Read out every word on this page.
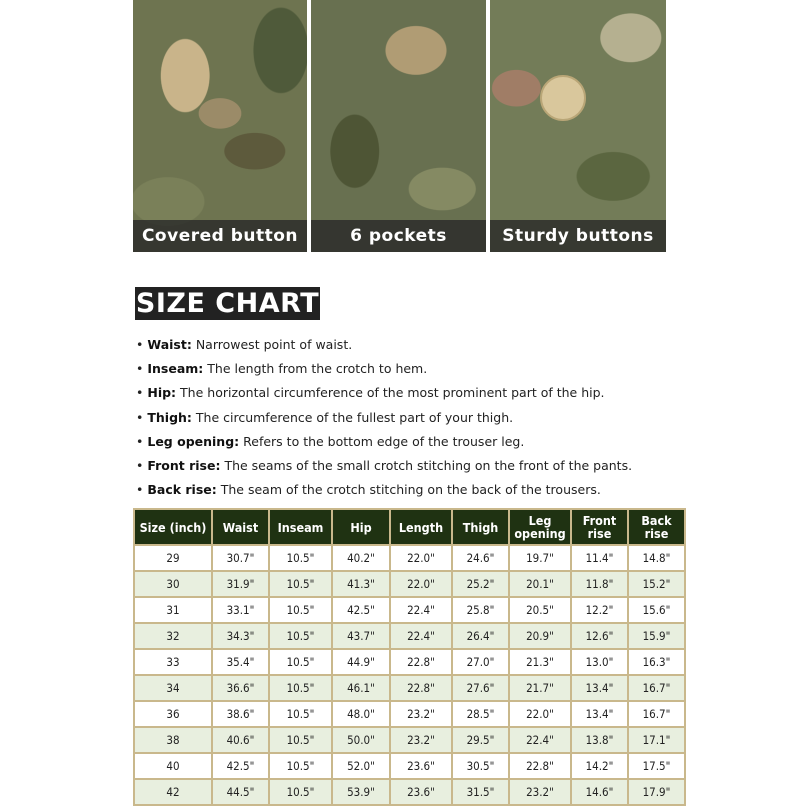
Covered button	6 pockets	Sturdy buttons
SIZE CHART
• Waist: Narrowest point of waist.
• Inseam: The length from the crotch to hem.
• Hip: The horizontal circumference of the most prominent part of the hip.
• Thigh: The circumference of the fullest part of your thigh.
• Leg opening: Refers to the bottom edge of the trouser leg.
• Front rise: The seams of the small crotch stitching on the front of the pants.
• Back rise: The seam of the crotch stitching on the back of the trousers.
Size (inch)	Waist	Inseam	Hip	Length	Thigh	Leg opening	Front rise	Back rise
29	30.7"	10.5"	40.2"	22.0"	24.6"	19.7"	11.4"	14.8"
30	31.9"	10.5"	41.3"	22.0"	25.2"	20.1"	11.8"	15.2"
31	33.1"	10.5"	42.5"	22.4"	25.8"	20.5"	12.2"	15.6"
32	34.3"	10.5"	43.7"	22.4"	26.4"	20.9"	12.6"	15.9"
33	35.4"	10.5"	44.9"	22.8"	27.0"	21.3"	13.0"	16.3"
34	36.6"	10.5"	46.1"	22.8"	27.6"	21.7"	13.4"	16.7"
36	38.6"	10.5"	48.0"	23.2"	28.5"	22.0"	13.4"	16.7"
38	40.6"	10.5"	50.0"	23.2"	29.5"	22.4"	13.8"	17.1"
40	42.5"	10.5"	52.0"	23.6"	30.5"	22.8"	14.2"	17.5"
42	44.5"	10.5"	53.9"	23.6"	31.5"	23.2"	14.6"	17.9"
